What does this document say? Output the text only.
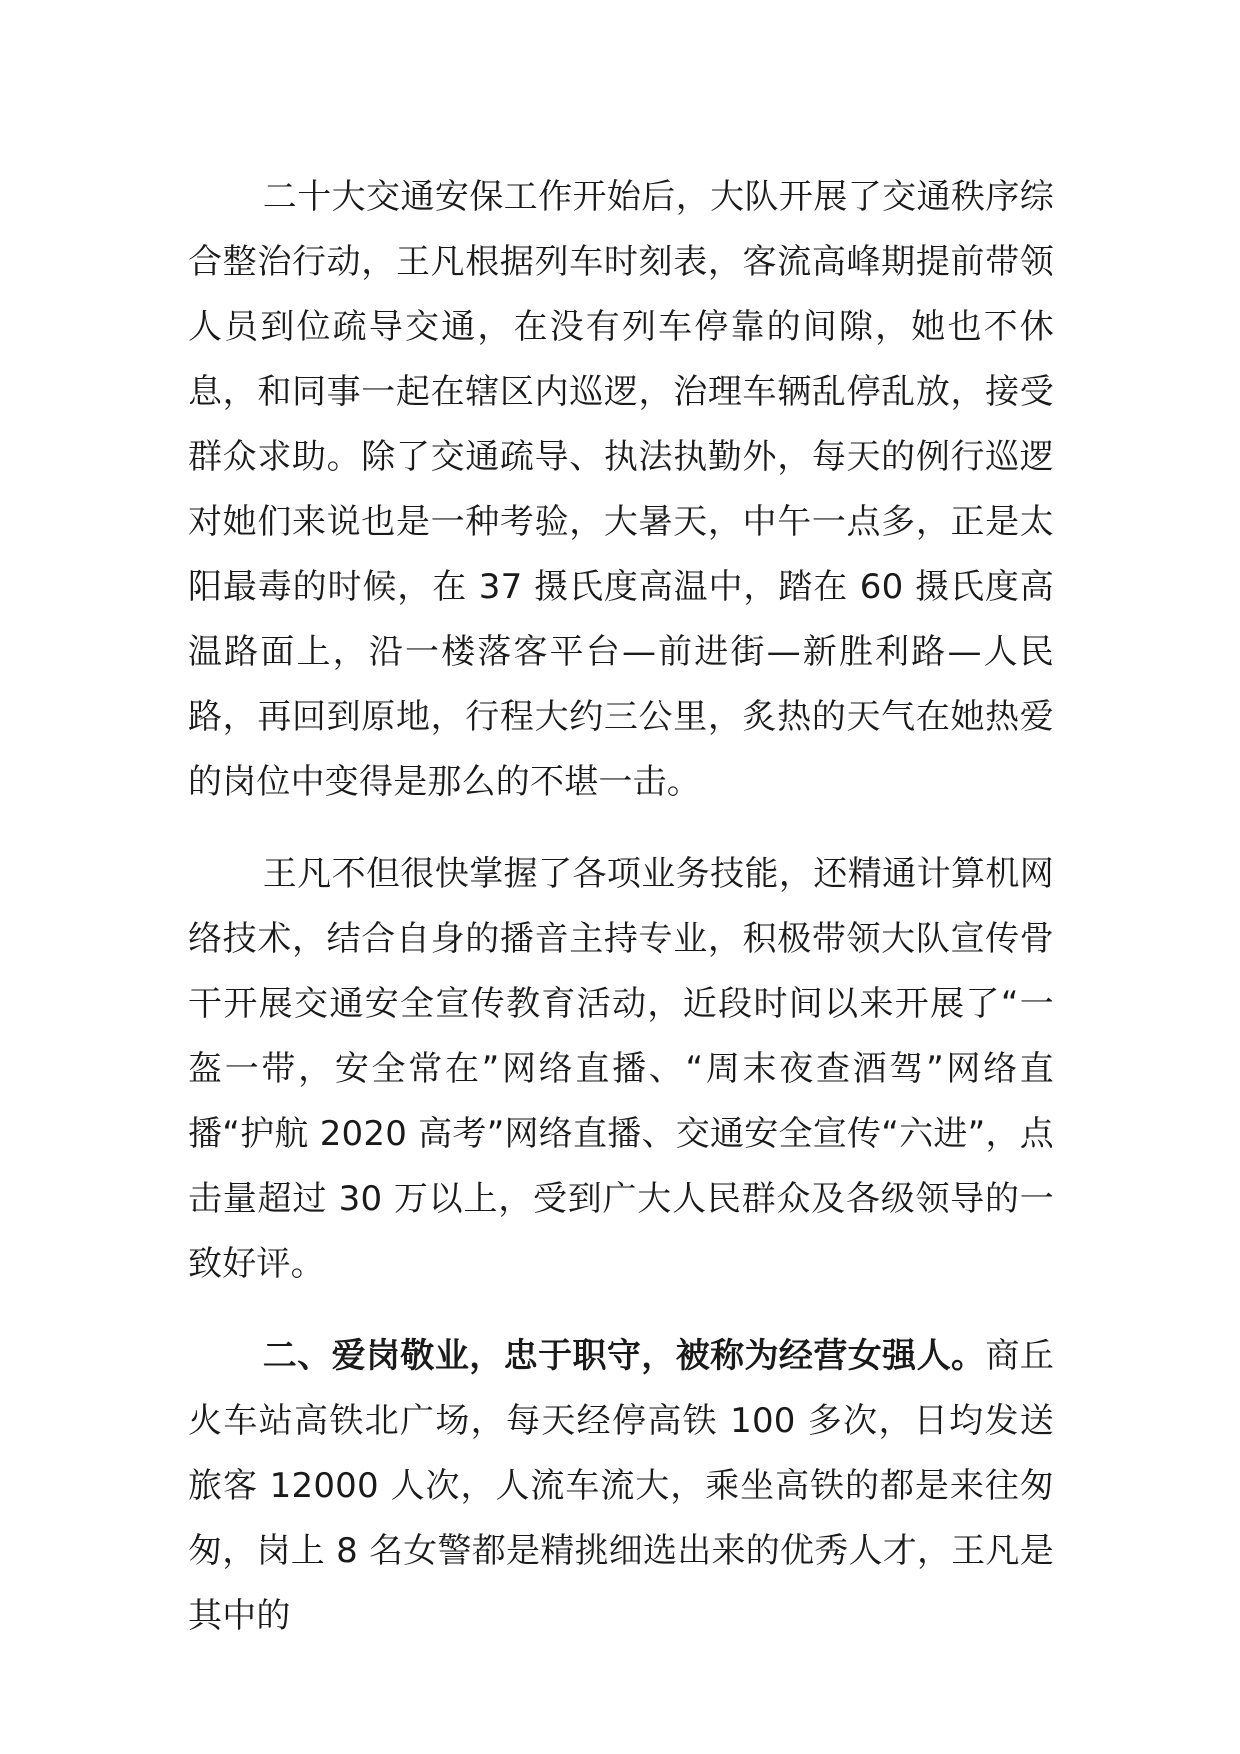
二十大交通安保工作开始后，大队开展了交通秩序综合整治行动，王凡根据列车时刻表，客流高峰期提前带领人员到位疏导交通，在没有列车停靠的间隙，她也不休息，和同事一起在辖区内巡逻，治理车辆乱停乱放，接受群众求助。除了交通疏导、执法执勤外，每天的例行巡逻对她们来说也是一种考验，大暑天，中午一点多，正是太阳最毒的时候，在 37 摄氏度高温中，踏在 60 摄氏度高温路面上，沿一楼落客平台—前进街—新胜利路—人民路，再回到原地，行程大约三公里，炙热的天气在她热爱的岗位中变得是那么的不堪一击。

王凡不但很快掌握了各项业务技能，还精通计算机网络技术，结合自身的播音主持专业，积极带领大队宣传骨干开展交通安全宣传教育活动，近段时间以来开展了“一盔一带，安全常在”网络直播、“周末夜查酒驾”网络直播“护航 2020 高考”网络直播、交通安全宣传“六进”，点击量超过 30 万以上，受到广大人民群众及各级领导的一致好评。

二、爱岗敬业，忠于职守，被称为经营女强人。商丘火车站高铁北广场，每天经停高铁 100 多次，日均发送旅客 12000 人次，人流车流大，乘坐高铁的都是来往匆匆，岗上 8 名女警都是精挑细选出来的优秀人才，王凡是其中的
